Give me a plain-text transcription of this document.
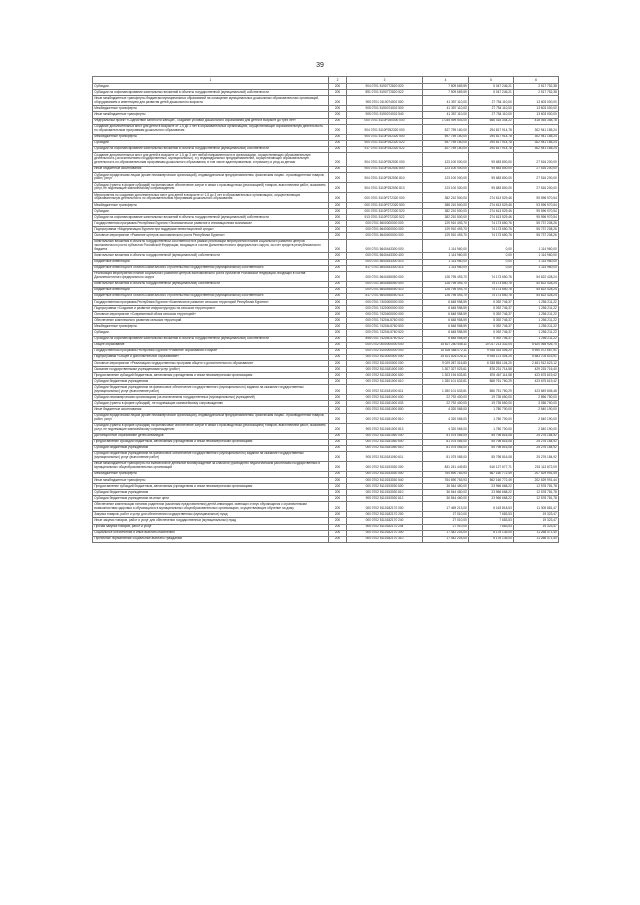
39
1	2	3	4	5	6
Субсидии	200	904 0701 5190772820 520	7 509 669,59	5 047 246,21	2 517 752,38
Субсидии на софинансирование капитальных вложений в объекты государственной (муниципальной) собственности	200	891 0701 5190772820 522	7 509 669,59	5 047 246,21	2 517 752,38
Иные межбюджетные трансферты бюджетам муниципальных образований на оснащение муниципальных дошкольных образовательных организаций, оборудованием и инвентарем для развития детей дошкольного возраста	200	905 0701 0110074002 500	41 357 110,00	27 754 110,00	13 603 000,00
Межбюджетные трансферты	200	905 0701 5190074002 500	41 357 110,00	27 754 110,00	13 603 000,00
Иные межбюджетные трансферты	200	905 0701 5190074002 540	41 357 110,00	27 754 110,00	13 603 000,00
Федеральный проект «Содействие занятости женщин - создание условий дошкольного образования для детей в возрасте до трех лет»	200	000 0701 5110P250000 000	1 035 499 503,00	666 415 344,22	418 454 358,78
Создание дополнительных мест для детей в возрасте от 1,5 до 3 лет в образовательных организациях, осуществляющих образовательную деятельность по образовательным программам дошкольного образования	200	904 0701 5110P252320 000	527 759 160,00	294 817 914,78	302 941 185,24
Межбюджетные трансферты	200	904 0701 5110P252320 500	597 759 160,00	294 817 914,78	302 941 185,24
Субсидии	200	904 0701 5110P252320 520	597 759 160,00	294 817 914,78	302 941 185,24
Субсидии на софинансирование капитальных вложений в объекты государственной (муниципальной) собственности	200	917 0701 5110P252320 522	527 759 160,00	294 817 914,78	302 941 185,24
Создание дополнительных мест для детей в возрасте от 1,5 до 3 лет любой направленности в организациях, осуществляющих образовательную деятельность (за исключением государственных, муниципальных), и у индивидуальных предпринимателей, осуществляющих образовательную деятельность по образовательным программам дошкольного образования, в том числе адаптированным, и присмотр и уход за детьми	200	904 0701 5110P252530 000	123 100 000,00	95 683 800,00	27 516 200,00
Иные бюджетные ассигнования	200	904 0701 5110P252530 800	123 100 000,00	95 683 800,00	27 516 200,00
Субсидии юридическим лицам (кроме некоммерческих организаций), индивидуальным предпринимателям, физическим лицам - производителям товаров, работ, услуг	200	904 0701 5110P252530 810	123 100 000,00	95 683 800,00	27 516 200,00
Субсидии (гранты в форме субсидий) на финансовое обеспечение затрат в связи с производством (реализацией) товаров, выполнением работ, оказанием услуг, не подлежащие казначейскому сопровождению	200	904 0701 5110P252530 813	123 100 000,00	95 683 800,00	27 516 200,00
Мероприятия по созданию дополнительных мест для детей в возрасте от 1,5 до 3 лет в образовательных организациях, осуществляющих образовательную деятельность по образовательным программам дошкольного образования	200	000 0701 5110P272320 000	382 210 500,00	274 613 529,46	95 596 970,54
Межбюджетные трансферты	200	000 0701 5110P272320 500	388 210 500,00	274 613 529,46	93 596 970,54
Субсидии	200	000 0701 5110P272320 520	382 210 500,00	274 613 529,46	95 596 970,54
Субсидии на софинансирование капитальных вложений в объекты государственной (муниципальной) собственности	200	913 0701 5110P272320 522	382 210 500,00	274 613 529,46	95 596 970,54
Государственная программа Республики Бурятия «Экономическое развитие и инновационная экономика»	200	000 0701 5600000000 000	129 910 493,70	74 173 650,76	55 737 208,26
Подпрограмма «Модернизация Бурятии при поддержке инвестиционной среды»	200	000 0701 5640000000 000	129 910 493,70	74 173 650,76	55 737 208,26
Основное мероприятие «Развитие центров экономического роста Республики Бурятия»	200	000 0701 5640400000 000	129 910 493,70	74 173 650,76	55 737 208,26
Капитальные вложения в объекты государственной собственности в рамках реализации мероприятий планов социального развития центров экономического роста субъектов Российской Федерации, входящих в состав Дальневосточного федерального округа, за счет средств республиканского бюджета	200	000 0701 5640443300 000	1 114 960,00	0,00	1 114 960,00
Капитальные вложения в объекты государственной (муниципальной) собственности	200	000 0701 5640443300 400	1 114 960,00	0,00	1 114 960,00
Бюджетные инвестиции	200	000 0701 5640443300 410	1 114 960,00	0,00	1 114 960,00
Бюджетные инвестиции в объекты капитального строительства государственной (муниципальной) собственности	200	817 0701 5640443300 414	1 114 960,00	0,00	1 114 960,00
Реализация мероприятий планов социального развития центров экономического роста субъектов Российской Федерации, входящих в состав Дальневосточного федерального округа	200	000 0701 5640455050 000	128 795 493,70	74 173 650,76	54 622 428,24
Капитальные вложения в объекты государственной (муниципальной) собственности	200	000 0701 5640455050 400	128 795 493,70	74 173 650,76	54 622 428,24
Бюджетные инвестиции	200	000 0701 5640455050 410	128 795 493,70	74 173 650,76	54 622 428,24
Бюджетные инвестиции в объекты капитального строительства государственной (муниципальной) собственности	200	817 0701 5640455050 414	128 795 493,70	74 173 650,76	54 622 428,24
Государственная программа Республики Бурятия «Комплексное развитие сельских территорий Республики Бурятия»	200	000 0701 7400000000 000	6 648 958,59	5 392 746,37	1 256 211,22
Подпрограмма «Создание и развитие инфраструктуры на сельских территориях»	200	000 0701 7420000000 000	6 648 958,59	5 392 746,37	1 256 211,22
Основное мероприятие «Современный облик сельских территорий»	200	000 0701 7420400000 000	6 648 958,59	5 392 746,37	1 256 211,22
Обеспечение комплексного развития сельских территорий	200	000 0701 74204L5760 000	6 648 958,59	5 392 746,37	1 256 211,22
Межбюджетные трансферты	200	000 0701 74204L5760 500	6 648 958,59	5 392 746,37	1 256 211,22
Субсидии	200	000 0701 74204L5760 520	6 648 958,59	5 392 746,37	1 256 211,22
Субсидии на софинансирование капитальных вложений в объекты государственной (муниципальной) собственности	200	898 0701 74204L5760 522	6 648 958,59	5 392 746,37	1 256 211,22
Общее образование	200	000 0702 0000000000 000	15 627 280 456,11	10 017 213 332,04	5 620 065 926,74
Государственная программа Республики Бурятия «Развитие образования и науки»	200	000 0702 5100000000 000	15 528 488 072,11	9 938 415 406,20	5 590 072 667,91
Подпрограмма «Общее и дополнительное образование»	200	000 0702 5110000000 000	15 521 826 028,11	9 938 121 404,20	5 583 704 623,91
Основное мероприятие «Реализация государственных программ общего и дополнительного образования»	200	000 0702 5110100000 000	9 029 287 316,80	6 338 854 104,20	2 481 912 623,12
Оказание государственными учреждениями услуг (работ)	200	000 0702 5110181000 000	1 307 327 023,61	878 231 714,58	429 215 716,40
Предоставление субсидий бюджетным, автономным учреждениям и иным некоммерческим организациям	200	000 0702 5110181000 600	1 303 194 633,81	876 467 114,58	423 675 619,42
Субсидии бюджетным учреждениям	200	000 0702 5110181000 610	1 280 101 633,81	868 751 760,29	423 675 619,42
Субсидии бюджетным учреждениям на финансовое обеспечение государственного (муниципального) задания на оказание государственных (муниципальных) услуг (выполнение работ)	200	000 0702 5110181000 611	1 280 101 633,81	866 751 760,29	423 849 806,48
Субсидии некоммерческим организациям (за исключением государственных (муниципальных) учреждений)	200	000 0702 5110181000 630	22 792 400,00	19 735 650,00	2 856 750,00
Субсидии (гранты в форме субсидий), не подлежащие казначейскому сопровождению	200	000 0702 5110181000 633	22 792 400,00	19 735 650,00	3 056 750,00
Иные бюджетные ассигнования	200	000 0702 5110181000 800	4 320 065,00	1 780 700,00	2 540 190,00
Субсидии юридическим лицам (кроме некоммерческих организаций), индивидуальным предпринимателям, физическим лицам - производителям товаров, работ, услуг	200	000 0702 5110181000 810	4 320 065,00	1 780 700,00	2 540 190,00
Субсидии (гранты в форме субсидий) на финансовое обеспечение затрат в связи с производством (реализацией) товаров, выполнением работ, оказанием услуг, не подлежащие казначейскому сопровождению	200	905 0702 5110181000 813	4 320 065,00	1 780 700,00	2 540 190,00
Дистанционное образование детей-инвалидов	200	000 0702 5110181060 000	81 075 065,00	55 798 816,08	25 276 184,92
Предоставление субсидий бюджетным, автономным учреждениям и иным некоммерческим организациям	200	000 0702 5110181060 600	81 075 065,00	55 798 816,08	25 276 184,92
Субсидии бюджетным учреждениям	200	000 0702 5110181060 610	81 075 065,00	55 798 816,08	25 276 184,92
Субсидии бюджетным учреждениям на финансовое обеспечение государственного (муниципального) задания на оказание государственных (муниципальных) услуг (выполнение работ)	200	905 0702 5110181060 611	81 075 065,00	55 798 816,08	25 276 184,92
Иные межбюджетные трансферты на ежемесячное денежное вознаграждение за классное руководство педагогическим работникам государственных и муниципальных общеобразовательных организаций	200	000 0702 5110153030 000	831 241 449,83	616 127 577,71	215 113 872,09
Межбюджетные трансферты	200	000 0702 5110153030 500	764 690 763,93	567 160 772,49	207 529 991,44
Иные межбюджетные трансферты	200	000 0702 5110153030 540	764 690 763,93	562 160 772,49	202 529 991,44
Предоставление субсидий бюджетным, автономным учреждениям и иным некоммерческим организациям	200	000 0702 5110153030 600	36 544 460,00	23 966 668,22	12 578 781,78
Субсидии бюджетным учреждениям	200	000 0702 5110153030 610	36 544 460,00	23 966 668,22	12 578 781,78
Субсидии бюджетным учреждениям на иные цели	200	905 0702 5110153030 612	36 544 460,00	23 966 668,22	12 578 781,78
Обеспечение компенсации питания родителям (законным представителям) детей-инвалидов, имеющих статус обучающихся с ограниченными возможностями здоровья и обучающихся в муниципальных общеобразовательных организациях, осуществляющих обучение на дому	200	000 0702 5110182170 000	17 469 213,00	6 163 818,53	11 305 881,47
Закупка товаров, работ и услуг для обеспечения государственных (муниципальных) нужд	200	000 0702 5110182170 200	27 010,00	7 683,53	19 323,47
Иные закупки товаров, работ и услуг для обеспечения государственных (муниципальных) нужд	200	000 0702 5110182170 240	27 010,00	7 683,53	19 323,47
Прочая закупка товаров, работ и услуг	200	905 0702 5110182170 244	27 010,00	7 683,53	19 323,47
Социальное обеспечение и иные выплаты населению	200	000 0702 5110182170 300	17 442 203,00	6 176 135,00	11 266 071,40
Публичные нормативные социальные выплаты гражданам	200	000 0702 5110182170 310	17 442 203,00	6 176 135,00	11 266 071,40
